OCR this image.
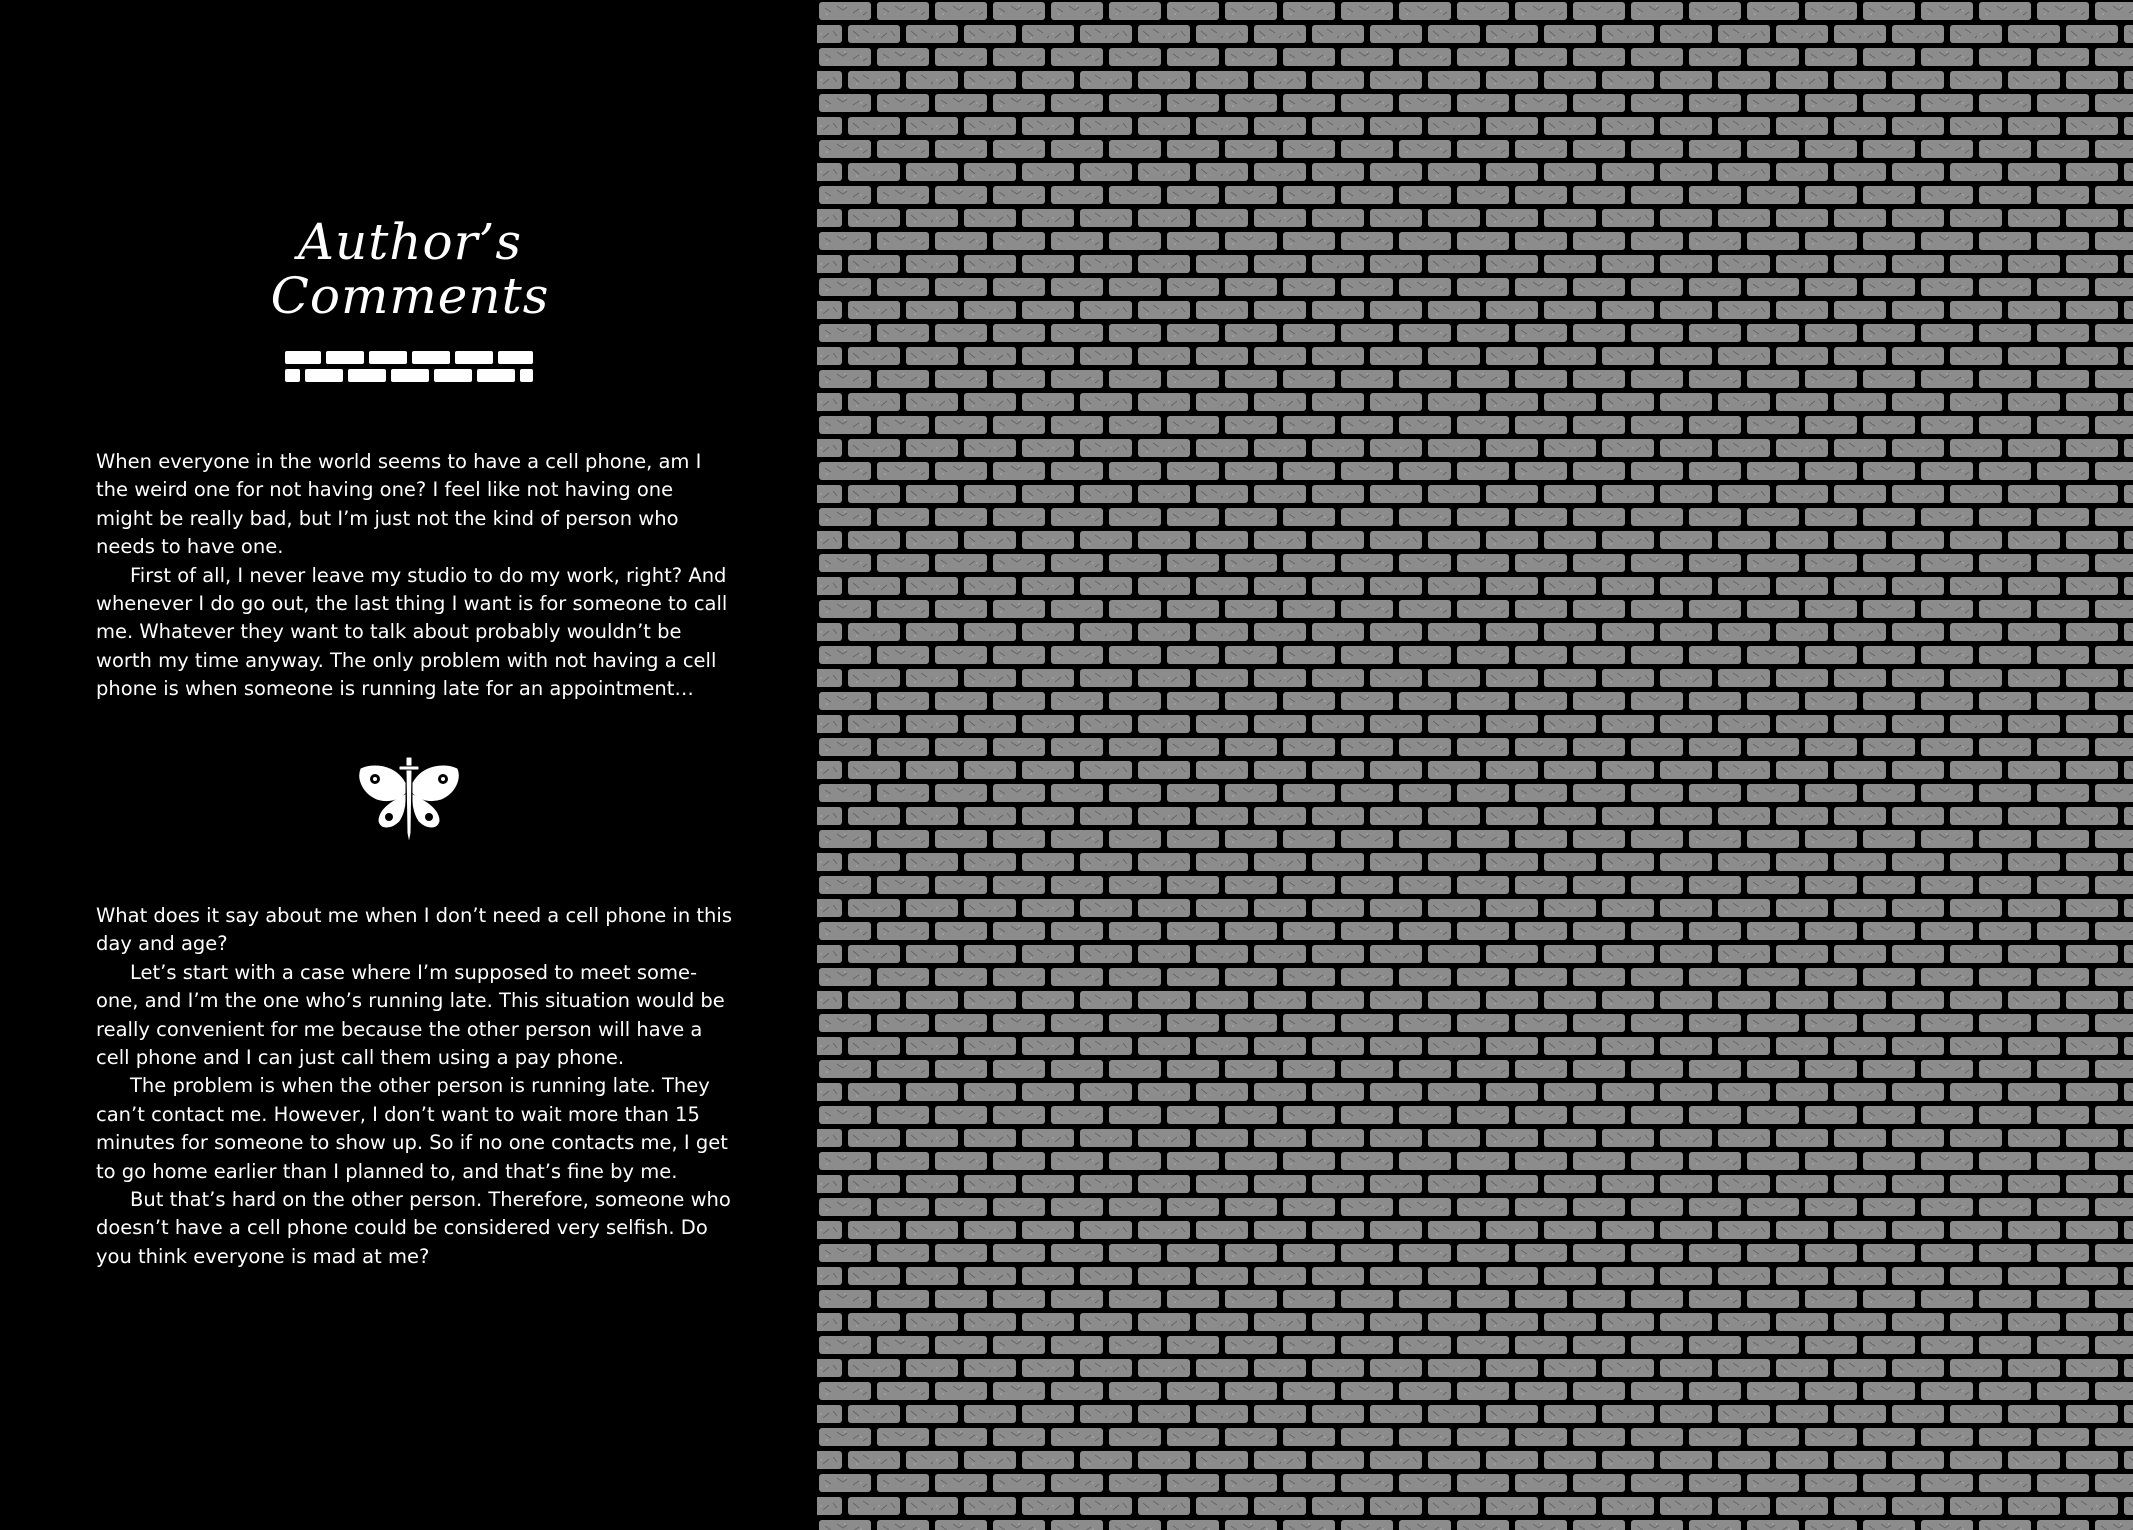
Author’s
Comments

When everyone in the world seems to have a cell phone, am I the weird one for not having one? I feel like not having one might be really bad, but I’m just not the kind of person who needs to have one.

First of all, I never leave my studio to do my work, right? And whenever I do go out, the last thing I want is for someone to call me. Whatever they want to talk about probably wouldn’t be worth my time anyway. The only problem with not having a cell phone is when someone is running late for an appointment…

What does it say about me when I don’t need a cell phone in this day and age?

Let’s start with a case where I’m supposed to meet some-one, and I’m the one who’s running late. This situation would be really convenient for me because the other person will have a cell phone and I can just call them using a pay phone.

The problem is when the other person is running late. They can’t contact me. However, I don’t want to wait more than 15 minutes for someone to show up. So if no one contacts me, I get to go home earlier than I planned to, and that’s fine by me.

But that’s hard on the other person. Therefore, someone who doesn’t have a cell phone could be considered very selfish. Do you think everyone is mad at me?
